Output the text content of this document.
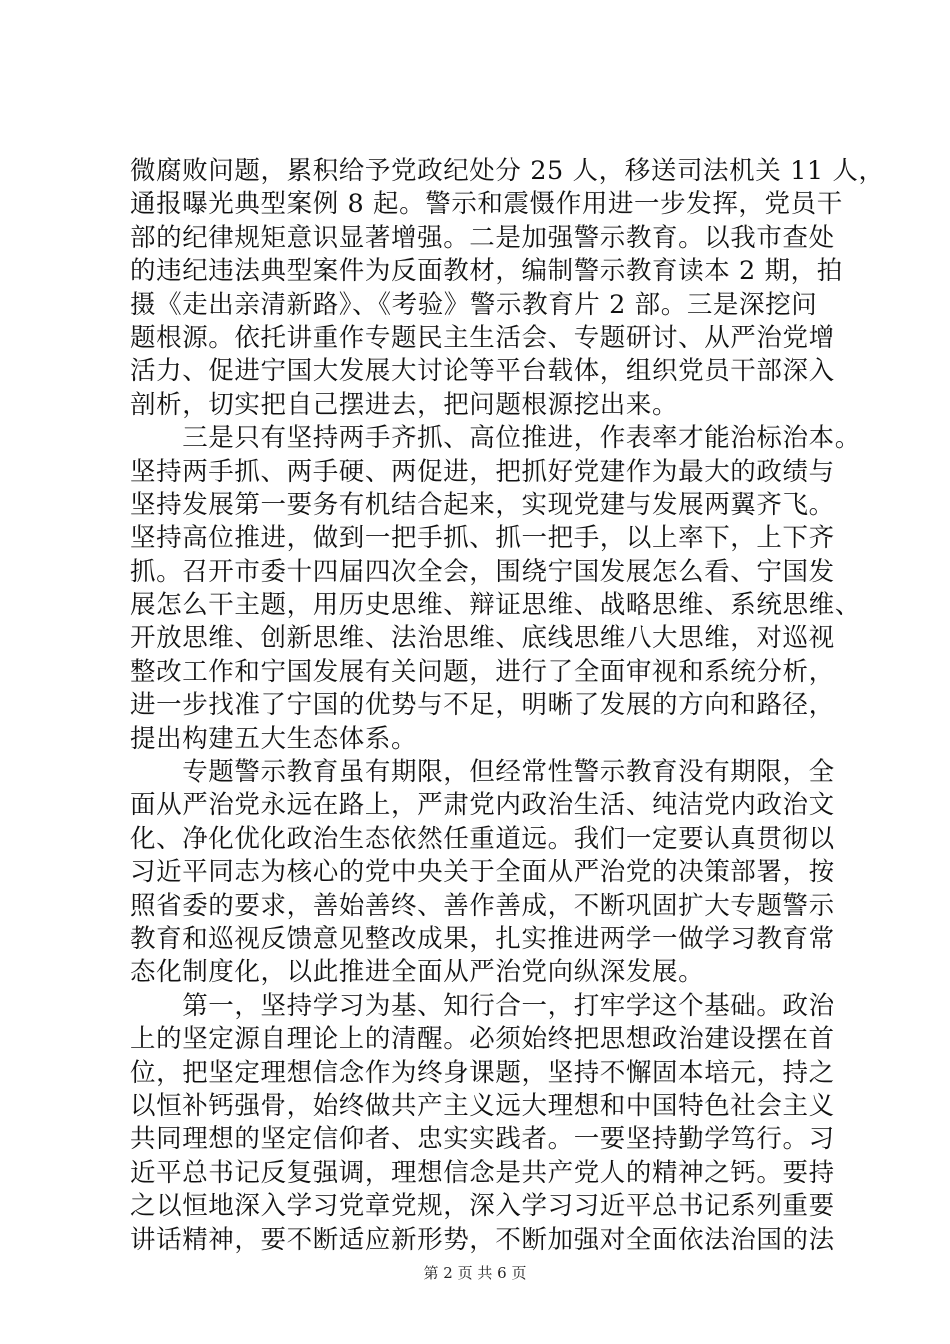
微腐败问题，累积给予党政纪处分 25 人，移送司法机关 11 人，
通报曝光典型案例 8 起。警示和震慑作用进一步发挥，党员干
部的纪律规矩意识显著增强。二是加强警示教育。以我市查处
的违纪违法典型案件为反面教材，编制警示教育读本 2 期，拍
摄《走出亲清新路》、《考验》警示教育片 2 部。三是深挖问
题根源。依托讲重作专题民主生活会、专题研讨、从严治党增
活力、促进宁国大发展大讨论等平台载体，组织党员干部深入
剖析，切实把自己摆进去，把问题根源挖出来。
　　三是只有坚持两手齐抓、高位推进，作表率才能治标治本。
坚持两手抓、两手硬、两促进，把抓好党建作为最大的政绩与
坚持发展第一要务有机结合起来，实现党建与发展两翼齐飞。
坚持高位推进，做到一把手抓、抓一把手，以上率下，上下齐
抓。召开市委十四届四次全会，围绕宁国发展怎么看、宁国发
展怎么干主题，用历史思维、辩证思维、战略思维、系统思维、
开放思维、创新思维、法治思维、底线思维八大思维，对巡视
整改工作和宁国发展有关问题，进行了全面审视和系统分析，
进一步找准了宁国的优势与不足，明晰了发展的方向和路径，
提出构建五大生态体系。
　　专题警示教育虽有期限，但经常性警示教育没有期限，全
面从严治党永远在路上，严肃党内政治生活、纯洁党内政治文
化、净化优化政治生态依然任重道远。我们一定要认真贯彻以
习近平同志为核心的党中央关于全面从严治党的决策部署，按
照省委的要求，善始善终、善作善成，不断巩固扩大专题警示
教育和巡视反馈意见整改成果，扎实推进两学一做学习教育常
态化制度化，以此推进全面从严治党向纵深发展。
　　第一，坚持学习为基、知行合一，打牢学这个基础。政治
上的坚定源自理论上的清醒。必须始终把思想政治建设摆在首
位，把坚定理想信念作为终身课题，坚持不懈固本培元，持之
以恒补钙强骨，始终做共产主义远大理想和中国特色社会主义
共同理想的坚定信仰者、忠实实践者。一要坚持勤学笃行。习
近平总书记反复强调，理想信念是共产党人的精神之钙。要持
之以恒地深入学习党章党规，深入学习习近平总书记系列重要
讲话精神，要不断适应新形势，不断加强对全面依法治国的法
第 2 页 共 6 页
